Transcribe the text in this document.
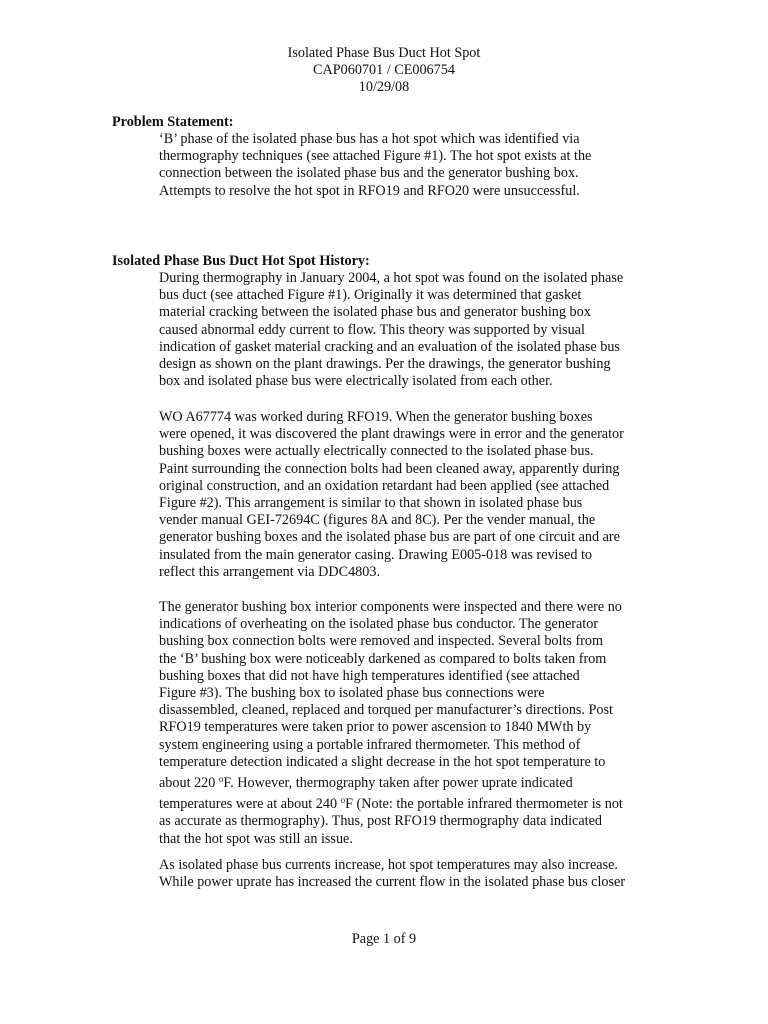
Isolated Phase Bus Duct Hot Spot
CAP060701 / CE006754
10/29/08
Problem Statement:
‘B’ phase of the isolated phase bus has a hot spot which was identified via
thermography techniques (see attached Figure #1). The hot spot exists at the
connection between the isolated phase bus and the generator bushing box.
Attempts to resolve the hot spot in RFO19 and RFO20 were unsuccessful.
Isolated Phase Bus Duct Hot Spot History:
During thermography in January 2004, a hot spot was found on the isolated phase
bus duct (see attached Figure #1). Originally it was determined that gasket
material cracking between the isolated phase bus and generator bushing box
caused abnormal eddy current to flow. This theory was supported by visual
indication of gasket material cracking and an evaluation of the isolated phase bus
design as shown on the plant drawings. Per the drawings, the generator bushing
box and isolated phase bus were electrically isolated from each other.
WO A67774 was worked during RFO19. When the generator bushing boxes
were opened, it was discovered the plant drawings were in error and the generator
bushing boxes were actually electrically connected to the isolated phase bus.
Paint surrounding the connection bolts had been cleaned away, apparently during
original construction, and an oxidation retardant had been applied (see attached
Figure #2). This arrangement is similar to that shown in isolated phase bus
vender manual GEI-72694C (figures 8A and 8C). Per the vender manual, the
generator bushing boxes and the isolated phase bus are part of one circuit and are
insulated from the main generator casing. Drawing E005-018 was revised to
reflect this arrangement via DDC4803.
The generator bushing box interior components were inspected and there were no
indications of overheating on the isolated phase bus conductor. The generator
bushing box connection bolts were removed and inspected. Several bolts from
the ‘B’ bushing box were noticeably darkened as compared to bolts taken from
bushing boxes that did not have high temperatures identified (see attached
Figure #3). The bushing box to isolated phase bus connections were
disassembled, cleaned, replaced and torqued per manufacturer’s directions. Post
RFO19 temperatures were taken prior to power ascension to 1840 MWth by
system engineering using a portable infrared thermometer. This method of
temperature detection indicated a slight decrease in the hot spot temperature to
about 220 $^o$F. However, thermography taken after power uprate indicated
temperatures were at about 240 $^o$F (Note: the portable infrared thermometer is not
as accurate as thermography). Thus, post RFO19 thermography data indicated
that the hot spot was still an issue.
As isolated phase bus currents increase, hot spot temperatures may also increase.
While power uprate has increased the current flow in the isolated phase bus closer
Page 1 of 9
